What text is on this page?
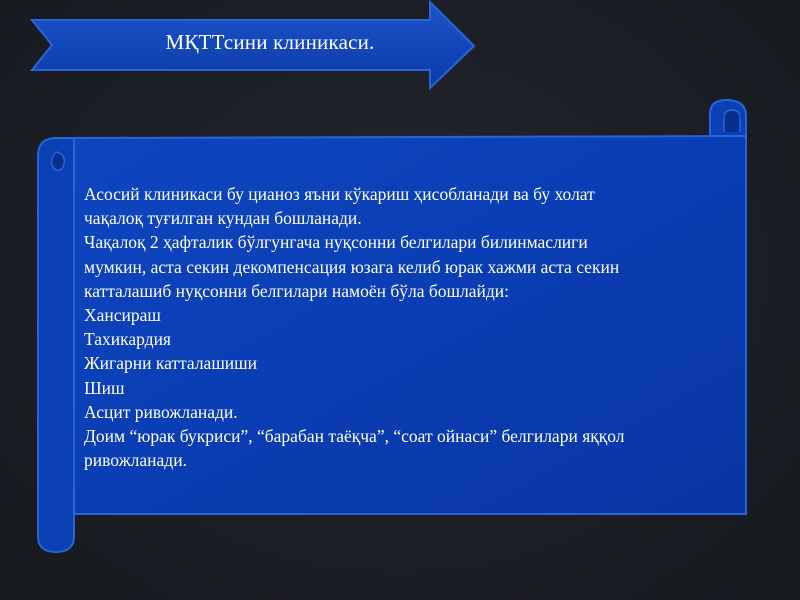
МҚТТсини клиникаси.
Асосий клиникаси бу цианоз яъни кўкариш ҳисобланади ва бу холат
чақалоқ туғилган кундан бошланади.
Чақалоқ 2 ҳафталик бўлгунгача нуқсонни белгилари билинмаслиги
мумкин, аста секин декомпенсация юзага келиб юрак хажми аста секин
катталашиб нуқсонни белгилари намоён бўла бошлайди:
Хансираш
Тахикардия
Жигарни катталашиши
Шиш
Асцит ривожланади.
Доим “юрак букриси”, “барабан таёқча”, “соат ойнаси” белгилари яққол
ривожланади.
